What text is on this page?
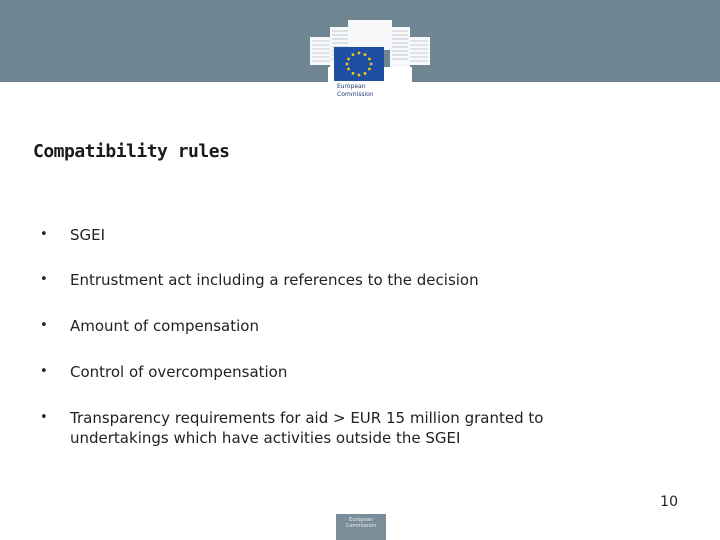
European
Commission
Compatibility rules
• SGEI
• Entrustment act including a references to the decision
• Amount of compensation
• Control of overcompensation
• Transparency requirements for aid > EUR 15 million granted to undertakings which have activities outside the SGEI
10
European Commission
